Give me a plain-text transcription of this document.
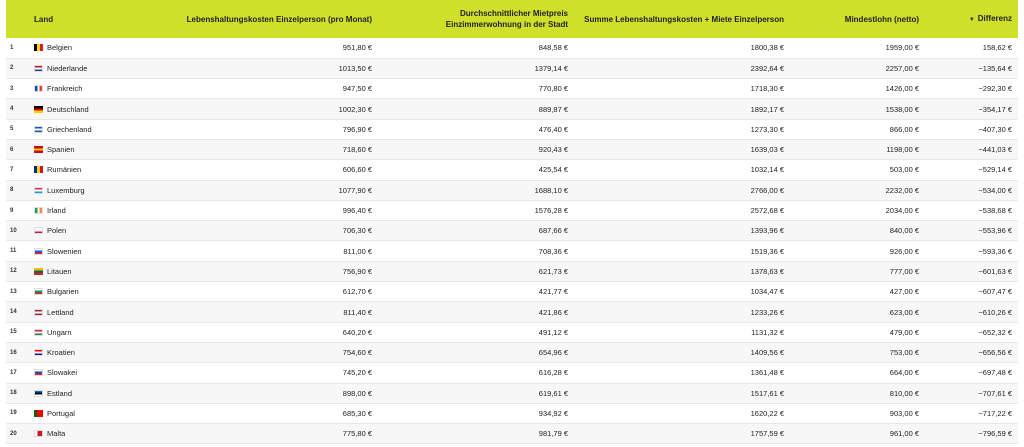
	Land	Lebenshaltungskosten Einzelperson (pro Monat)	Durchschnittlicher Mietpreis Einzimmerwohnung in der Stadt	Summe Lebenshaltungskosten + Miete Einzelperson	Mindestlohn (netto)	▼ Differenz
1	Belgien	951,80 €	848,58 €	1800,38 €	1959,00 €	158,62 €
2	Niederlande	1013,50 €	1379,14 €	2392,64 €	2257,00 €	−135,64 €
3	Frankreich	947,50 €	770,80 €	1718,30 €	1426,00 €	−292,30 €
4	Deutschland	1002,30 €	889,87 €	1892,17 €	1538,00 €	−354,17 €
5	Griechenland	796,90 €	476,40 €	1273,30 €	866,00 €	−407,30 €
6	Spanien	718,60 €	920,43 €	1639,03 €	1198,00 €	−441,03 €
7	Rumänien	606,60 €	425,54 €	1032,14 €	503,00 €	−529,14 €
8	Luxemburg	1077,90 €	1688,10 €	2766,00 €	2232,00 €	−534,00 €
9	Irland	996,40 €	1576,28 €	2572,68 €	2034,00 €	−538,68 €
10	Polen	706,30 €	687,66 €	1393,96 €	840,00 €	−553,96 €
11	Slowenien	811,00 €	708,36 €	1519,36 €	926,00 €	−593,36 €
12	Litauen	756,90 €	621,73 €	1378,63 €	777,00 €	−601,63 €
13	Bulgarien	612,70 €	421,77 €	1034,47 €	427,00 €	−607,47 €
14	Lettland	811,40 €	421,86 €	1233,26 €	623,00 €	−610,26 €
15	Ungarn	640,20 €	491,12 €	1131,32 €	479,00 €	−652,32 €
16	Kroatien	754,60 €	654,96 €	1409,56 €	753,00 €	−656,56 €
17	Slowakei	745,20 €	616,28 €	1361,48 €	664,00 €	−697,48 €
18	Estland	898,00 €	619,61 €	1517,61 €	810,00 €	−707,61 €
19	Portugal	685,30 €	934,92 €	1620,22 €	903,00 €	−717,22 €
20	Malta	775,80 €	981,79 €	1757,59 €	961,00 €	−796,59 €
